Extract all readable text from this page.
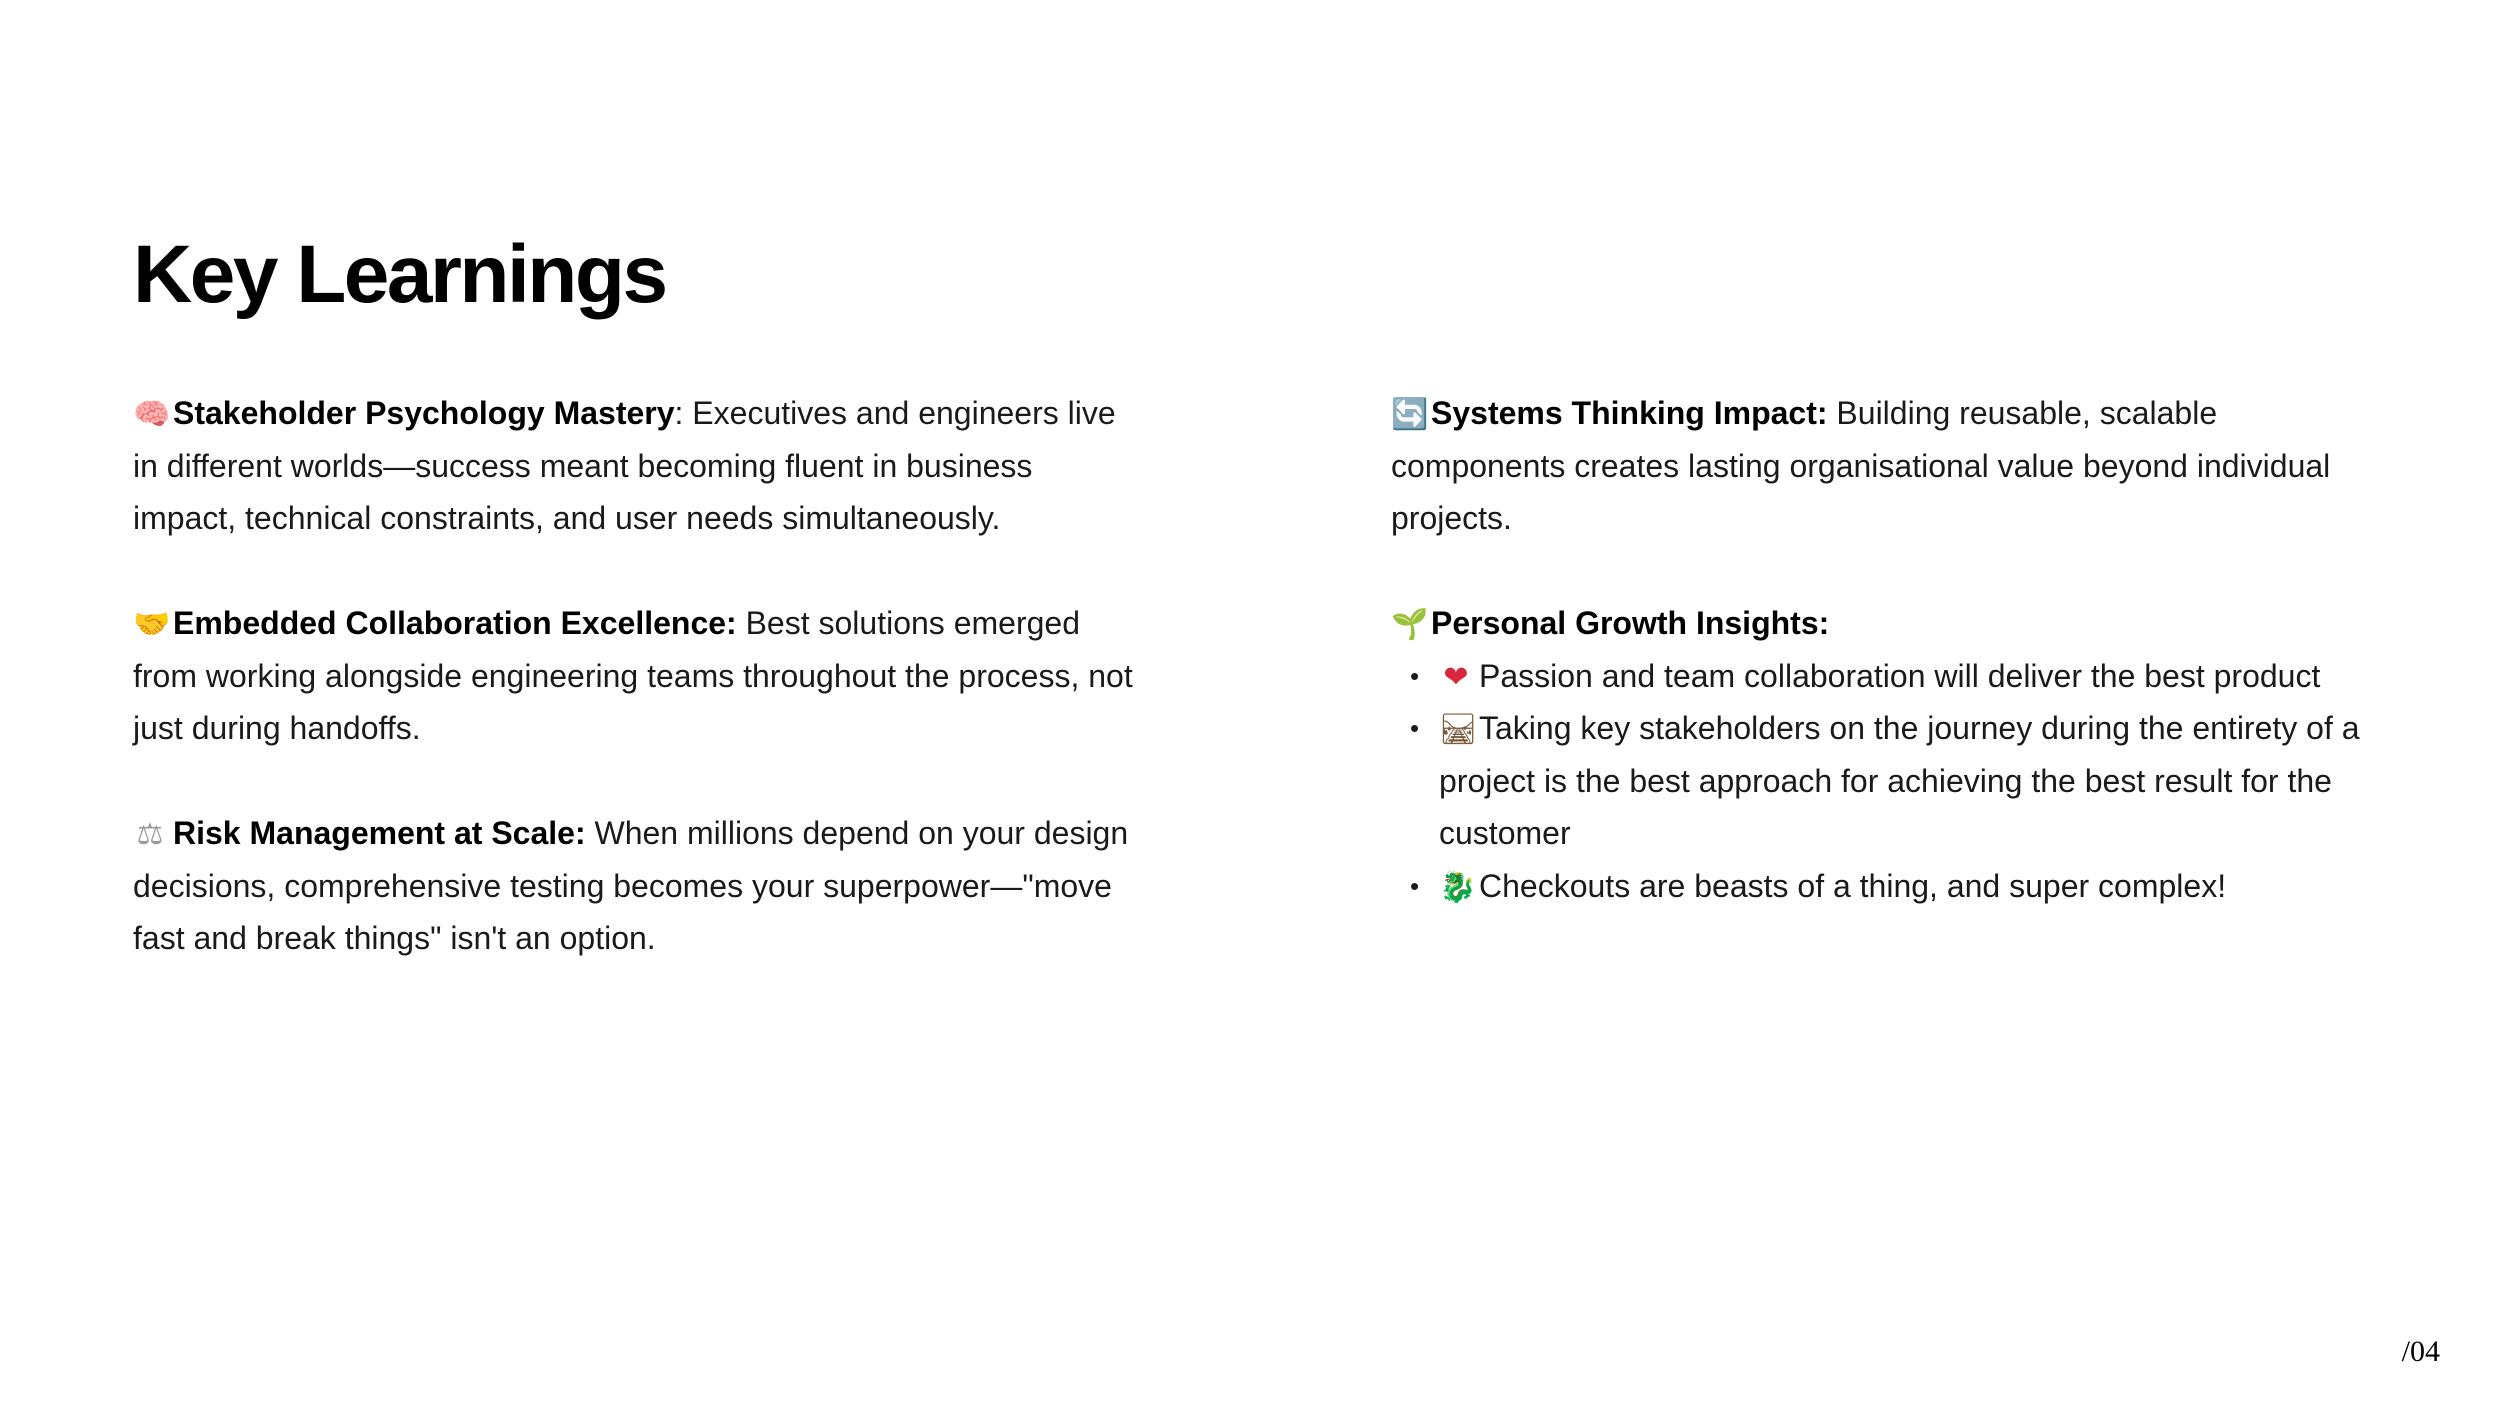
Key Learnings

🧠Stakeholder Psychology Mastery: Executives and engineers live in different worlds—success meant becoming fluent in business impact, technical constraints, and user needs simultaneously.

🤝Embedded Collaboration Excellence: Best solutions emerged from working alongside engineering teams throughout the process, not just during handoffs.

⚖ Risk Management at Scale: When millions depend on your design decisions, comprehensive testing becomes your superpower—"move fast and break things" isn't an option.

🔄Systems Thinking Impact: Building reusable, scalable components creates lasting organisational value beyond individual projects.

🌱Personal Growth Insights:

• ❤ Passion and team collaboration will deliver the best product
• 🛤Taking key stakeholders on the journey during the entirety of a project is the best approach for achieving the best result for the customer
• 🐉Checkouts are beasts of a thing, and super complex!
/04
